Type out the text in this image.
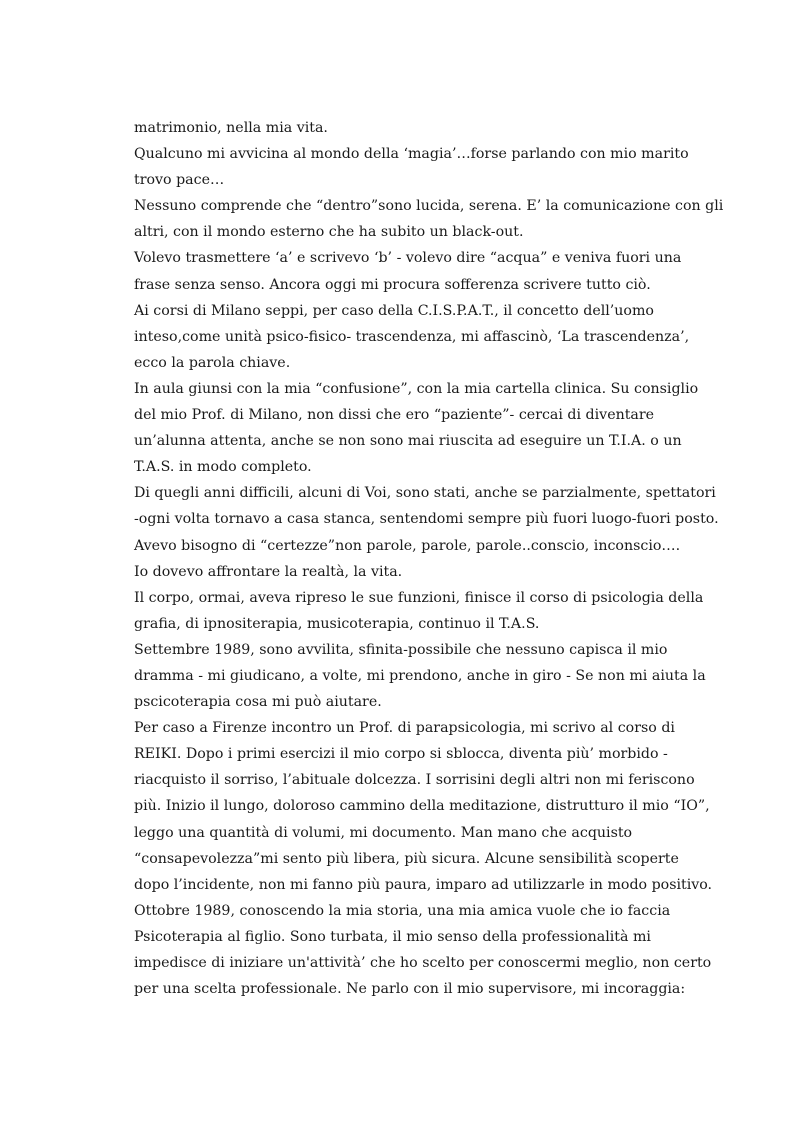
matrimonio, nella mia vita.
Qualcuno mi avvicina al mondo della ‘magia’…forse parlando con mio marito
trovo pace…
Nessuno comprende che “dentro”sono lucida, serena. E’ la comunicazione con gli
altri, con il mondo esterno che ha subito un black-out.
Volevo trasmettere ‘a’ e scrivevo ‘b’ - volevo dire “acqua” e veniva fuori una
frase senza senso. Ancora oggi mi procura sofferenza scrivere tutto ciò.
Ai corsi di Milano seppi, per caso della C.I.S.P.A.T., il concetto dell’uomo
inteso,come unità psico-fisico- trascendenza, mi affascinò, ‘La trascendenza’,
ecco la parola chiave.
In aula giunsi con la mia “confusione”, con la mia cartella clinica. Su consiglio
del mio Prof. di Milano, non dissi che ero “paziente”- cercai di diventare
un’alunna attenta, anche se non sono mai riuscita ad eseguire un T.I.A. o un
T.A.S. in modo completo.
Di quegli anni difficili, alcuni di Voi, sono stati, anche se parzialmente, spettatori
-ogni volta tornavo a casa stanca, sentendomi sempre più fuori luogo-fuori posto.
Avevo bisogno di “certezze”non parole, parole, parole..conscio, inconscio….
Io dovevo affrontare la realtà, la vita.
Il corpo, ormai, aveva ripreso le sue funzioni, finisce il corso di psicologia della
grafia, di ipnositerapia, musicoterapia, continuo il T.A.S.
Settembre 1989, sono avvilita, sfinita-possibile che nessuno capisca il mio
dramma - mi giudicano, a volte, mi prendono, anche in giro - Se non mi aiuta la
pscicoterapia cosa mi può aiutare.
Per caso a Firenze incontro un Prof. di parapsicologia, mi scrivo al corso di
REIKI. Dopo i primi esercizi il mio corpo si sblocca, diventa più’ morbido -
riacquisto il sorriso, l’abituale dolcezza. I sorrisini degli altri non mi feriscono
più. Inizio il lungo, doloroso cammino della meditazione, distrutturo il mio “IO”,
leggo una quantità di volumi, mi documento. Man mano che acquisto
“consapevolezza”mi sento più libera, più sicura. Alcune sensibilità scoperte
dopo l’incidente, non mi fanno più paura, imparo ad utilizzarle in modo positivo.
Ottobre 1989, conoscendo la mia storia, una mia amica vuole che io faccia
Psicoterapia al figlio. Sono turbata, il mio senso della professionalità mi
impedisce di iniziare un'attività’ che ho scelto per conoscermi meglio, non certo
per una scelta professionale. Ne parlo con il mio supervisore, mi incoraggia:
